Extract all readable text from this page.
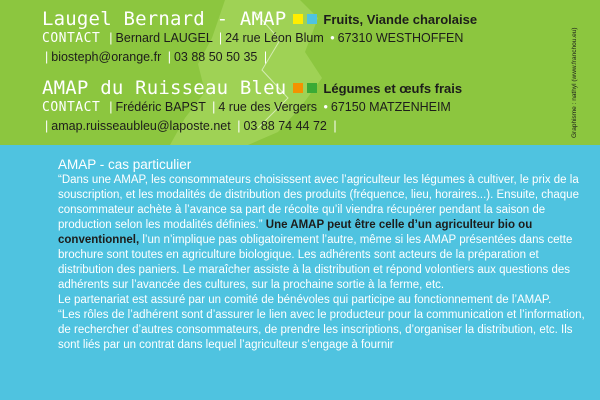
Laugel Bernard - AMAP	Fruits, Viande charolaise
CONTACT | Bernard LAUGEL | 24 rue Léon Blum • 67310 WESTHOFFEN
| biosteph@orange.fr | 03 88 50 50 35 |
AMAP du Ruisseau Bleu	Légumes et œufs frais
CONTACT | Frédéric BAPST | 4 rue des Vergers • 67150 MATZENHEIM
| amap.ruisseaubleu@laposte.net | 03 88 74 44 72 |	Graphisme : nathyl (www.franchou.eu)
AMAP - cas particulier

“Dans une AMAP, les consommateurs choisissent avec l’agriculteur les légumes à cultiver, le prix de la souscription, et les modalités de distribution des produits (fréquence, lieu, horaires...). Ensuite, chaque consommateur achète à l’avance sa part de récolte qu’il viendra récupérer pendant la saison de production selon les modalités définies.” Une AMAP peut être celle d’un agriculteur bio ou conventionnel, l’un n’implique pas obligatoirement l’autre, même si les AMAP présentées dans cette brochure sont toutes en agriculture biologique. Les adhérents sont acteurs de la préparation et distribution des paniers. Le maraîcher assiste à la distribution et répond volontiers aux questions des adhérents sur l’avancée des cultures, sur la prochaine sortie à la ferme, etc.

Le partenariat est assuré par un comité de bénévoles qui participe au fonctionnement de l’AMAP.

“Les rôles de l’adhérent sont d’assurer le lien avec le producteur pour la communication et l’information, de rechercher d’autres consommateurs, de prendre les inscriptions, d’organiser la distribution, etc. Ils sont liés par un contrat dans lequel l’agriculteur s’engage à fournir
